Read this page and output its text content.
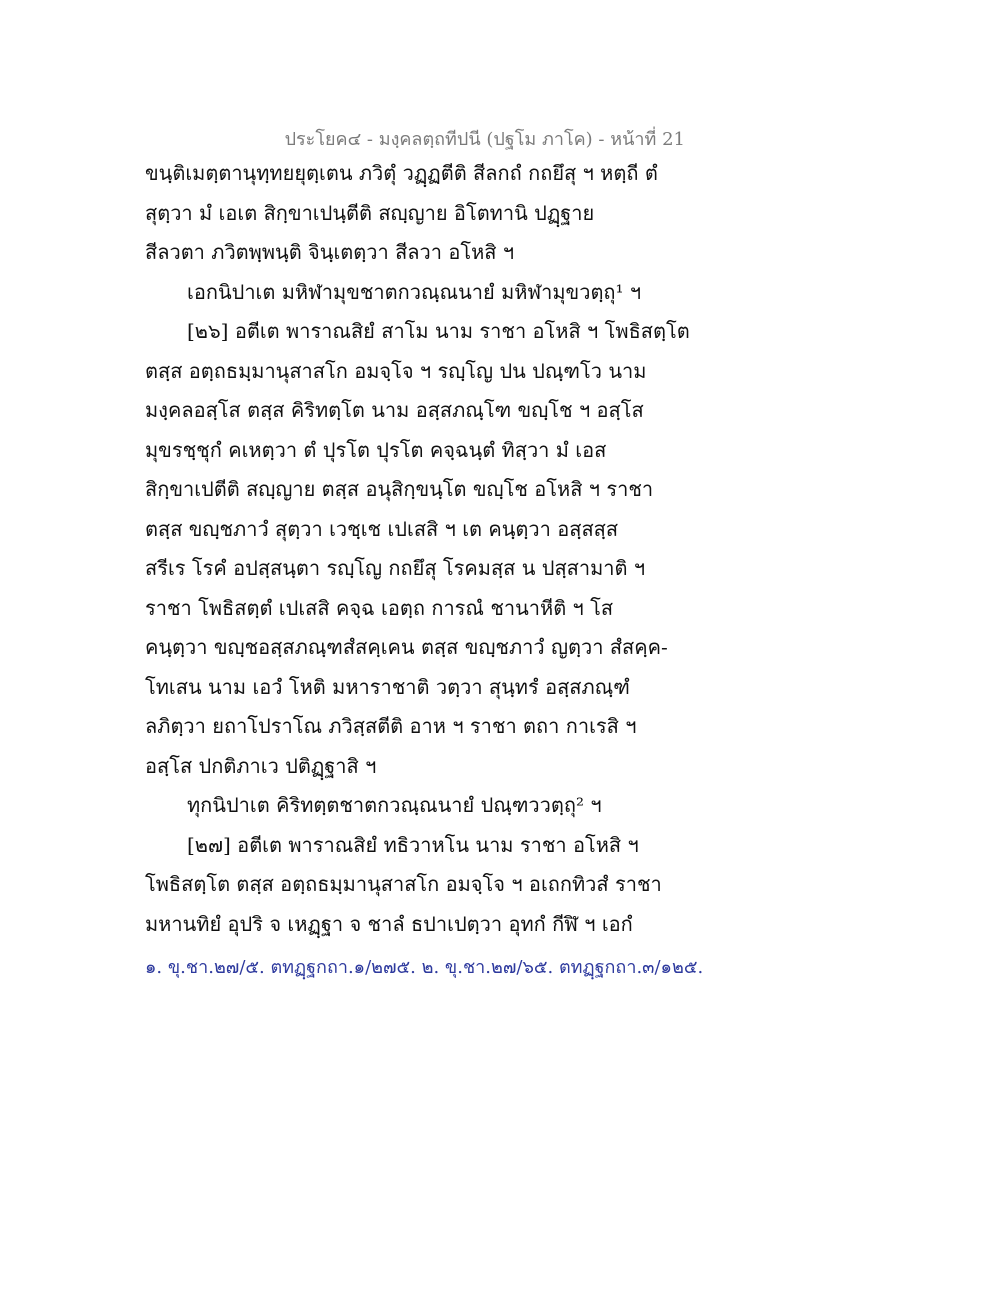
ประโยค๔ - มงฺคลตฺถทีปนี (ปฐโม ภาโค) - หน้าที่ 21
ขนฺติเมตฺตานุทฺทยยุตฺเตน ภวิตุํ วฏฺฏตีติ สีลกถํ กถยึสุ ฯ หตฺถี ตํ
สุตฺวา มํ เอเต สิกฺขาเปนฺตีติ สญฺญาย อิโตทานิ ปฏฺฐาย
สีลวตา ภวิตพฺพนฺติ จินฺเตตฺวา สีลวา อโหสิ ฯ
เอกนิปาเต มหิฬามุขชาตกวณฺณนายํ มหิฬามุขวตฺถุ¹ ฯ
[๒๖] อตีเต พาราณสิยํ สาโม นาม ราชา อโหสิ ฯ โพธิสตฺโต
ตสฺส อตฺถธมฺมานุสาสโก อมจฺโจ ฯ รญฺโญ ปน ปณฺฑโว นาม
มงฺคลอสฺโส ตสฺส คิริทตฺโต นาม อสฺสภณฺโฑ ขญฺโช ฯ อสฺโส
มุขรชฺชุกํ คเหตฺวา ตํ ปุรโต ปุรโต คจฺฉนฺตํ ทิสฺวา มํ เอส
สิกฺขาเปตีติ สญฺญาย ตสฺส อนุสิกฺขนฺโต ขญฺโช อโหสิ ฯ ราชา
ตสฺส ขญฺชภาวํ สุตฺวา เวชฺเช เปเสสิ ฯ เต คนฺตฺวา อสฺสสฺส
สรีเร โรคํ อปสฺสนฺตา รญฺโญ กถยึสุ โรคมสฺส น ปสฺสามาติ ฯ
ราชา โพธิสตฺตํ เปเสสิ คจฺฉ เอตฺถ การณํ ชานาหีติ ฯ โส
คนฺตฺวา ขญฺชอสฺสภณฺฑสํสคฺเคน ตสฺส ขญฺชภาวํ ญตฺวา สํสคฺค-
โทเสน นาม เอวํ โหติ มหาราชาติ วตฺวา สุนฺทรํ อสฺสภณฺฑํ
ลภิตฺวา ยถาโปราโณ ภวิสฺสตีติ อาห ฯ ราชา ตถา กาเรสิ ฯ
อสฺโส ปกติภาเว ปติฏฺฐาสิ ฯ
ทุกนิปาเต คิริทตฺตชาตกวณฺณนายํ ปณฺฑววตฺถุ² ฯ
[๒๗] อตีเต พาราณสิยํ ทธิวาหโน นาม ราชา อโหสิ ฯ
โพธิสตฺโต ตสฺส อตฺถธมฺมานุสาสโก อมจฺโจ ฯ อเถกทิวสํ ราชา
มหานทิยํ อุปริ จ เหฏฺฐา จ ชาลํ ธปาเปตฺวา อุทกํ กีฬิ ฯ เอกํ
๑. ขุ.ชา.๒๗/๕. ตทฏฺฐกถา.๑/๒๗๕. ๒. ขุ.ชา.๒๗/๖๕. ตทฏฺฐกถา.๓/๑๒๕.
